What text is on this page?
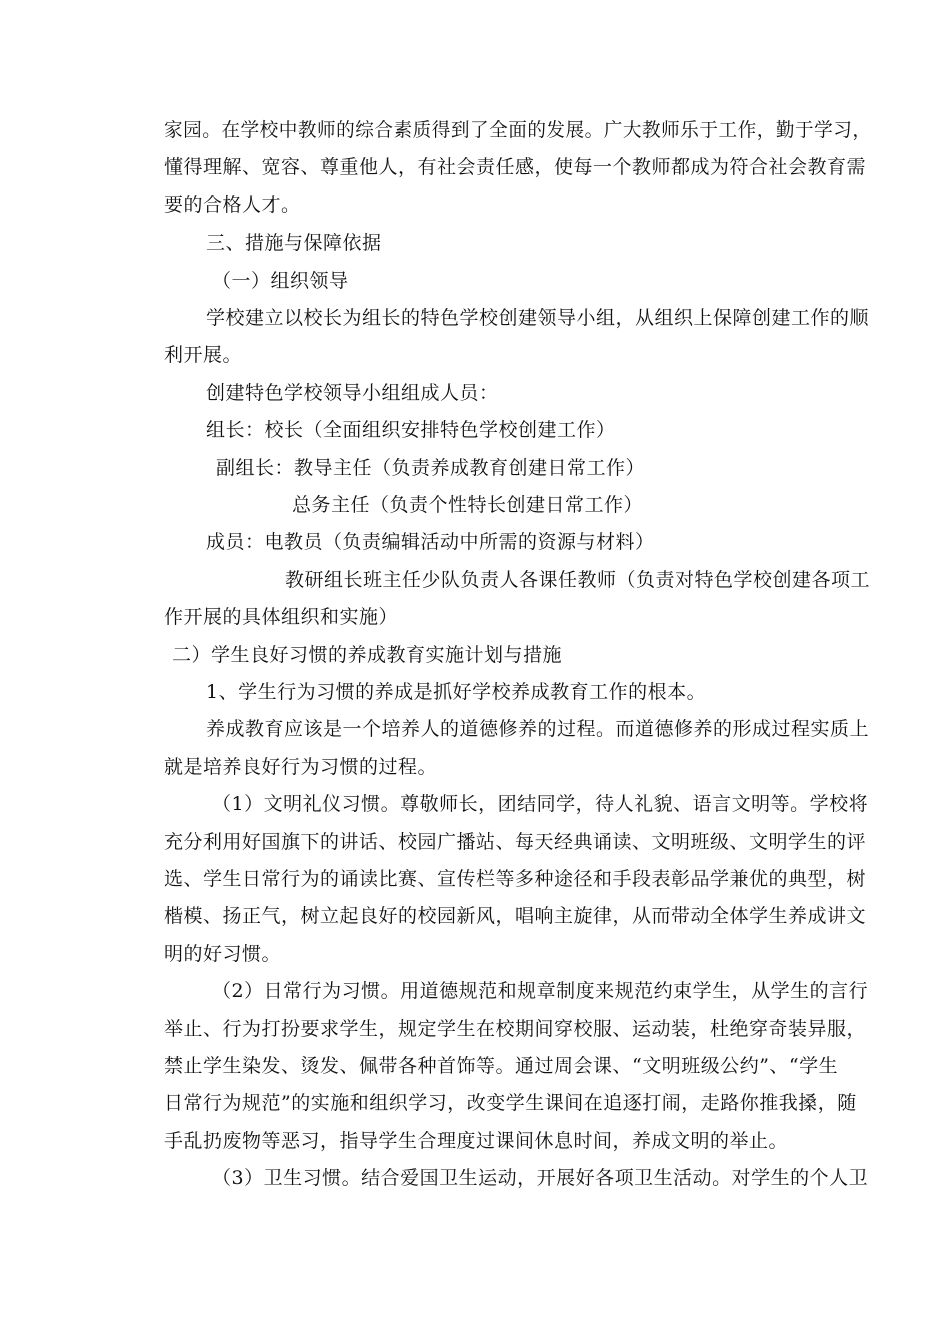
家园。在学校中教师的综合素质得到了全面的发展。广大教师乐于工作，勤于学习，
懂得理解、宽容、尊重他人，有社会责任感，使每一个教师都成为符合社会教育需
要的合格人才。
三、措施与保障依据
（一）组织领导
学校建立以校长为组长的特色学校创建领导小组，从组织上保障创建工作的顺
利开展。
创建特色学校领导小组组成人员：
组长：校长（全面组织安排特色学校创建工作）
副组长：教导主任（负责养成教育创建日常工作）
总务主任（负责个性特长创建日常工作）
成员：电教员（负责编辑活动中所需的资源与材料）
教研组长班主任少队负责人各课任教师（负责对特色学校创建各项工
作开展的具体组织和实施）
二）学生良好习惯的养成教育实施计划与措施
1、学生行为习惯的养成是抓好学校养成教育工作的根本。
养成教育应该是一个培养人的道德修养的过程。而道德修养的形成过程实质上
就是培养良好行为习惯的过程。
（1）文明礼仪习惯。尊敬师长，团结同学，待人礼貌、语言文明等。学校将
充分利用好国旗下的讲话、校园广播站、每天经典诵读、文明班级、文明学生的评
选、学生日常行为的诵读比赛、宣传栏等多种途径和手段表彰品学兼优的典型，树
楷模、扬正气，树立起良好的校园新风，唱响主旋律，从而带动全体学生养成讲文
明的好习惯。
（2）日常行为习惯。用道德规范和规章制度来规范约束学生，从学生的言行
举止、行为打扮要求学生，规定学生在校期间穿校服、运动装，杜绝穿奇装异服，
禁止学生染发、烫发、佩带各种首饰等。通过周会课、“文明班级公约”、“学生
日常行为规范”的实施和组织学习，改变学生课间在追逐打闹，走路你推我搡，随
手乱扔废物等恶习，指导学生合理度过课间休息时间，养成文明的举止。
（3）卫生习惯。结合爱国卫生运动，开展好各项卫生活动。对学生的个人卫
